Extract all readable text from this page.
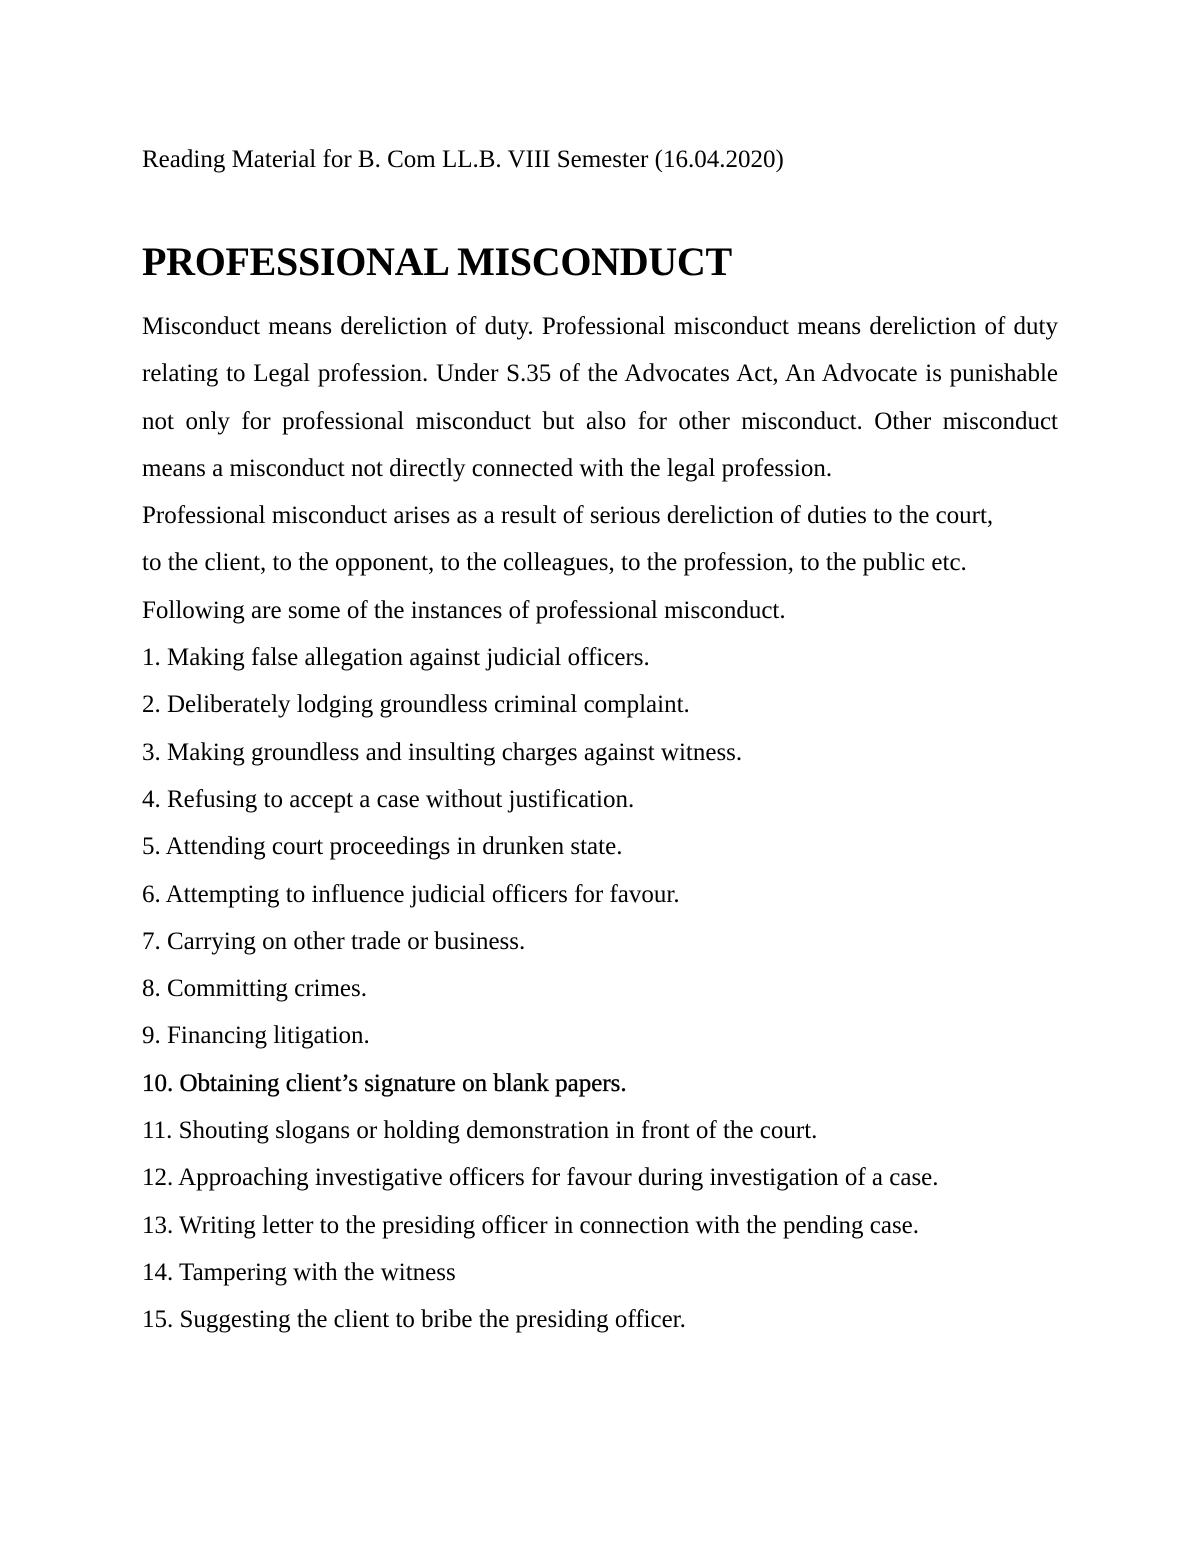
Reading Material for B. Com LL.B. VIII Semester (16.04.2020)
PROFESSIONAL MISCONDUCT

Misconduct means dereliction of duty. Professional misconduct means dereliction of duty relating to Legal profession. Under S.35 of the Advocates Act, An Advocate is punishable not only for professional misconduct but also for other misconduct. Other misconduct means a misconduct not directly connected with the legal profession.

Professional misconduct arises as a result of serious dereliction of duties to the court,

to the client, to the opponent, to the colleagues, to the profession, to the public etc.

Following are some of the instances of professional misconduct.

1. Making false allegation against judicial officers.
2. Deliberately lodging groundless criminal complaint.
3. Making groundless and insulting charges against witness.
4. Refusing to accept a case without justification.
5. Attending court proceedings in drunken state.
6. Attempting to influence judicial officers for favour.
7. Carrying on other trade or business.
8. Committing crimes.
9. Financing litigation.
10. Obtaining client’s signature on blank papers.
11. Shouting slogans or holding demonstration in front of the court.
12. Approaching investigative officers for favour during investigation of a case.
13. Writing letter to the presiding officer in connection with the pending case.
14. Tampering with the witness
15. Suggesting the client to bribe the presiding officer.
